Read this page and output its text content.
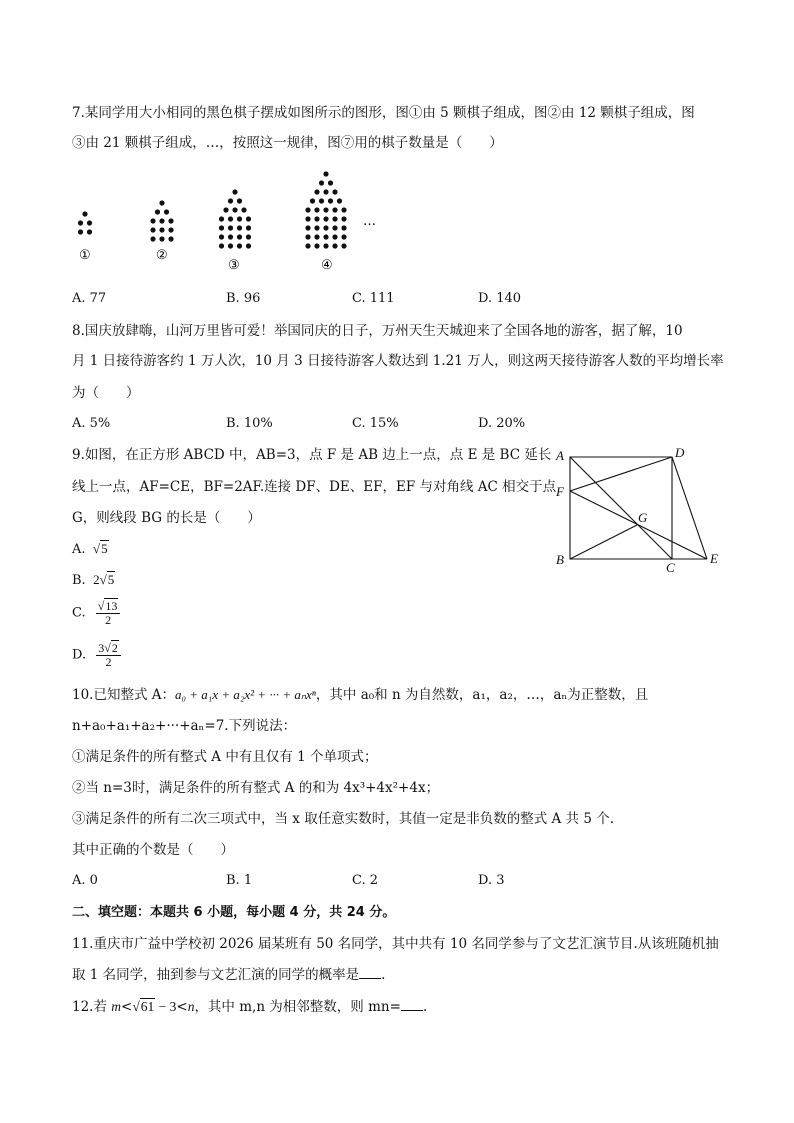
7.某同学用大小相同的黑色棋子摆成如图所示的图形，图①由 5 颗棋子组成，图②由 12 颗棋子组成，图
③由 21 颗棋子组成，…，按照这一规律，图⑦用的棋子数量是（　　）
①	②
③	④
…
A. 77	B. 96	C. 111	D. 140
8.国庆放肆嗨，山河万里皆可爱！举国同庆的日子，万州天生天城迎来了全国各地的游客，据了解，10
月 1 日接待游客约 1 万人次，10 月 3 日接待游客人数达到 1.21 万人，则这两天接待游客人数的平均增长率
为（　　）
A. 5%	B. 10%	C. 15%	D. 20%
9.如图，在正方形 ABCD 中，AB=3，点 F 是 AB 边上一点，点 E 是 BC 延长
线上一点，AF=CE，BF=2AF.连接 DF、DE、EF，EF 与对角线 AC 相交于点
G，则线段 BG 的长是（　　）
A	D
F
G
B
C
E
A.  √5
B. 2√5
C. $\frac{√13}{2}$
D. $\frac{3√2}{2}$
10.已知整式 A：a₀ + a₁x + a₂x² + ··· + aₙxⁿ，其中 a₀和 n 为自然数，a₁，a₂，…，aₙ为正整数，且
n+a₀+a₁+a₂+···+aₙ=7.下列说法：
①满足条件的所有整式 A 中有且仅有 1 个单项式；
②当 n=3时，满足条件的所有整式 A 的和为 4x³+4x²+4x；
③满足条件的所有二次三项式中，当 x 取任意实数时，其值一定是非负数的整式 A 共 5 个.
其中正确的个数是（　　）
A. 0	B. 1	C. 2	D. 3
二、填空题：本题共 6 小题，每小题 4 分，共 24 分。
11.重庆市广益中学校初 2026 届某班有 50 名同学，其中共有 10 名同学参与了文艺汇演节目.从该班随机抽
取 1 名同学，抽到参与文艺汇演的同学的概率是 .
12.若 m<√61 − 3<n，其中 m,n 为相邻整数，则 mn= .
